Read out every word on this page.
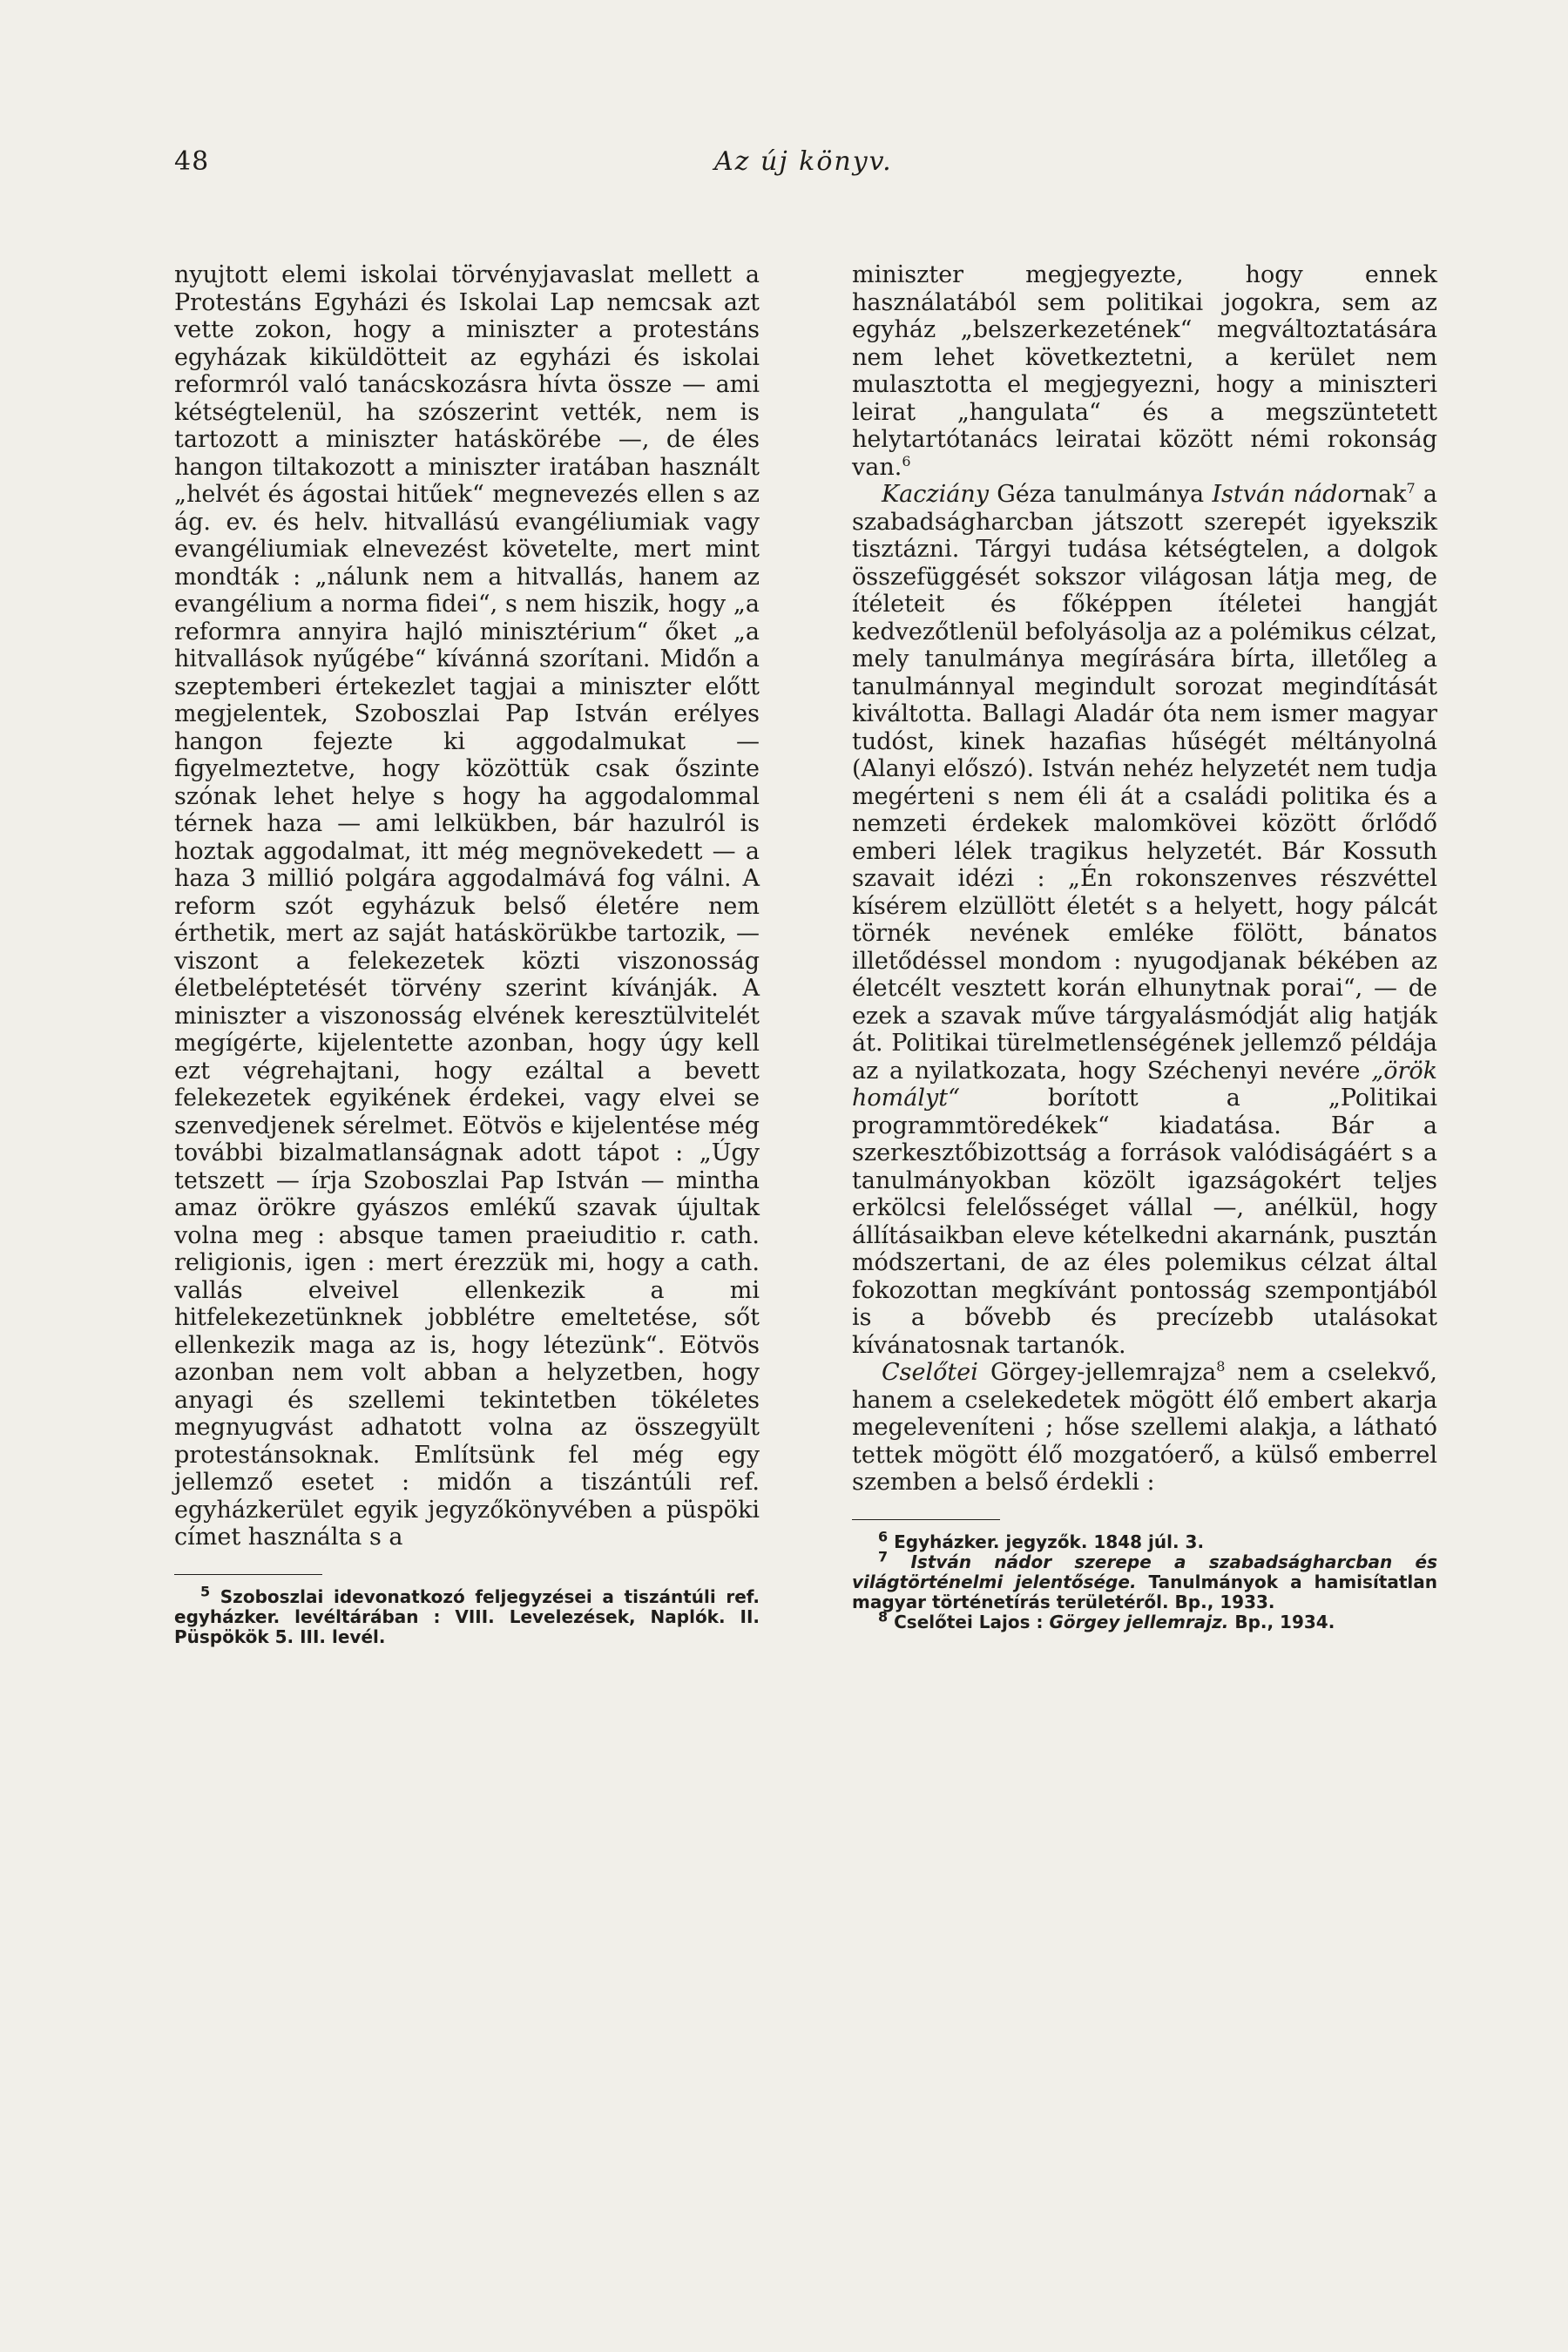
48	Az új könyv.

nyujtott elemi iskolai törvényjavaslat mellett a Protestáns Egyházi és Iskolai Lap nemcsak azt vette zokon, hogy a miniszter a protestáns egyházak kiküldötteit az egyházi és iskolai reformról való tanácskozásra hívta össze — ami kétségtelenül, ha szószerint vették, nem is tartozott a miniszter hatáskörébe —, de éles hangon tiltakozott a miniszter iratában használt „helvét és ágostai hitűek“ megnevezés ellen s az ág. ev. és helv. hitvallású evangéliumiak vagy evangéliumiak elnevezést követelte, mert mint mondták : „nálunk nem a hitvallás, hanem az evangélium a norma fidei“, s nem hiszik, hogy „a reformra annyira hajló minisztérium“ őket „a hitvallások nyűgébe“ kívánná szorítani. Midőn a szeptemberi értekezlet tagjai a miniszter előtt megjelentek, Szoboszlai Pap István erélyes hangon fejezte ki aggodalmukat — figyelmeztetve, hogy közöttük csak őszinte szónak lehet helye s hogy ha aggodalommal térnek haza — ami lelkükben, bár hazulról is hoztak aggodalmat, itt még megnövekedett — a haza 3 millió polgára aggodalmává fog válni. A reform szót egyházuk belső életére nem érthetik, mert az saját hatáskörükbe tartozik, — viszont a felekezetek közti viszonosság életbeléptetését törvény szerint kívánják. A miniszter a viszonosság elvének keresztülvitelét megígérte, kijelentette azonban, hogy úgy kell ezt végrehajtani, hogy ezáltal a bevett felekezetek egyikének érdekei, vagy elvei se szenvedjenek sérelmet. Eötvös e kijelentése még további bizalmatlanságnak adott tápot : „Úgy tetszett — írja Szoboszlai Pap István — mintha amaz örökre gyászos emlékű szavak újultak volna meg : absque tamen praeiuditio r. cath. religionis, igen : mert érezzük mi, hogy a cath. vallás elveivel ellenkezik a mi hitfelekezetünknek jobblétre emeltetése, sőt ellenkezik maga az is, hogy létezünk“. Eötvös azonban nem volt abban a helyzetben, hogy anyagi és szellemi tekintetben tökéletes megnyugvást adhatott volna az összegyült protestánsoknak. Említsünk fel még egy jellemző esetet : midőn a tiszántúli ref. egyházkerület egyik jegyzőkönyvében a püspöki címet használta s a

$^5$ Szoboszlai idevonatkozó feljegyzései a tiszántúli ref. egyházker. levéltárában : VIII. Levelezések, Naplók. II. Püspökök 5. III. levél.

miniszter megjegyezte, hogy ennek használatából sem politikai jogokra, sem az egyház „belszerkezetének“ megváltoztatására nem lehet következtetni, a kerület nem mulasztotta el megjegyezni, hogy a miniszteri leirat „hangulata“ és a megszüntetett helytartótanács leiratai között némi rokonság van.$^6$

Kacziány Géza tanulmánya István nádornak$^7$ a szabadságharcban játszott szerepét igyekszik tisztázni. Tárgyi tudása kétségtelen, a dolgok összefüggését sokszor világosan látja meg, de ítéleteit és főképpen ítéletei hangját kedvezőtlenül befolyásolja az a polémikus célzat, mely tanulmánya megírására bírta, illetőleg a tanulmánnyal megindult sorozat megindítását kiváltotta. Ballagi Aladár óta nem ismer magyar tudóst, kinek hazafias hűségét méltányolná (Alanyi előszó). István nehéz helyzetét nem tudja megérteni s nem éli át a családi politika és a nemzeti érdekek malomkövei között őrlődő emberi lélek tragikus helyzetét. Bár Kossuth szavait idézi : „Én rokonszenves részvéttel kísérem elzüllött életét s a helyett, hogy pálcát törnék nevének emléke fölött, bánatos illetődéssel mondom : nyugodjanak békében az életcélt vesztett korán elhunytnak porai“, — de ezek a szavak műve tárgyalásmódját alig hatják át. Politikai türelmetlenségének jellemző példája az a nyilatkozata, hogy Széchenyi nevére „örök homályt“ borított a „Politikai programmtöredékek“ kiadatása. Bár a szerkesztőbizottság a források valódiságáért s a tanulmányokban közölt igazságokért teljes erkölcsi felelősséget vállal —, anélkül, hogy állításaikban eleve kételkedni akarnánk, pusztán módszertani, de az éles polemikus célzat által fokozottan megkívánt pontosság szempontjából is a bővebb és precízebb utalásokat kívánatosnak tartanók.

Cselőtei Görgey-jellemrajza$^8$ nem a cselekvő, hanem a cselekedetek mögött élő embert akarja megeleveníteni ; hőse szellemi alakja, a látható tettek mögött élő mozgatóerő, a külső emberrel szemben a belső érdekli :

$^6$ Egyházker. jegyzők. 1848 júl. 3.

$^7$ István nádor szerepe a szabadságharcban és világtörténelmi jelentősége. Tanulmányok a hamisítatlan magyar történetírás területéről. Bp., 1933.

$^8$ Cselőtei Lajos : Görgey jellemrajz. Bp., 1934.
